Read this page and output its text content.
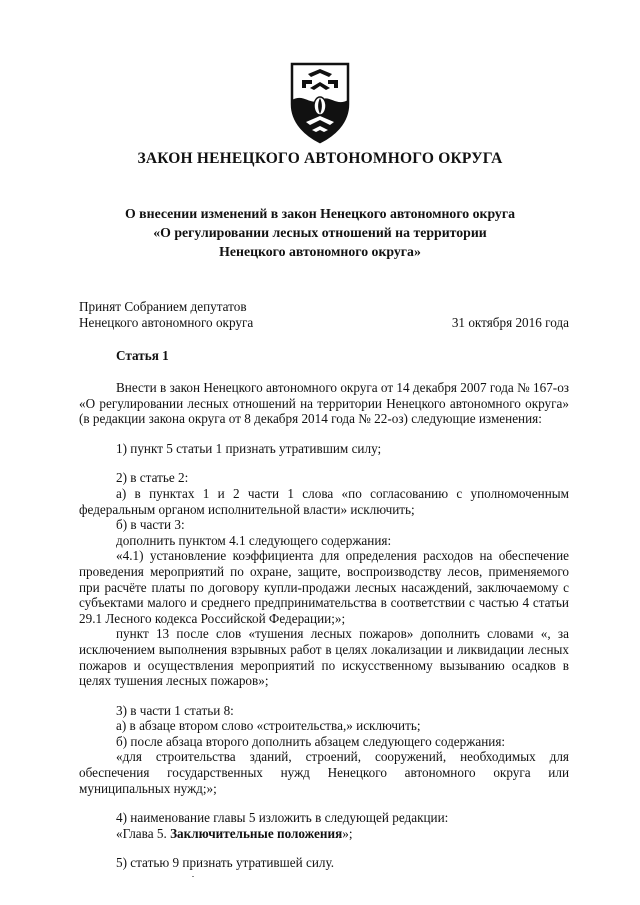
ЗАКОН НЕНЕЦКОГО АВТОНОМНОГО ОКРУГА
О внесении изменений в закон Ненецкого автономного округа
«О регулировании лесных отношений на территории
Ненецкого автономного округа»
Принят Собранием депутатов
Ненецкого автономного округа	31 октября 2016 года
Статья 1

Внести в закон Ненецкого автономного округа от 14 декабря 2007 года № 167-оз «О регулировании лесных отношений на территории Ненецкого автономного округа» (в редакции закона округа от 8 декабря 2014 года № 22-оз) следующие изменения:

1) пункт 5 статьи 1 признать утратившим силу;

2) в статье 2:

а) в пунктах 1 и 2 части 1 слова «по согласованию с уполномоченным федеральным органом исполнительной власти» исключить;

б) в части 3:

дополнить пунктом 4.1 следующего содержания:

«4.1) установление коэффициента для определения расходов на обеспечение проведения мероприятий по охране, защите, воспроизводству лесов, применяемого при расчёте платы по договору купли-продажи лесных насаждений, заключаемому с субъектами малого и среднего предпринимательства в соответствии с частью 4 статьи 29.1 Лесного кодекса Российской Федерации;»;

пункт 13 после слов «тушения лесных пожаров» дополнить словами «, за исключением выполнения взрывных работ в целях локализации и ликвидации лесных пожаров и осуществления мероприятий по искусственному вызыванию осадков в целях тушения лесных пожаров»;

3) в части 1 статьи 8:

а) в абзаце втором слово «строительства,» исключить;

б) после абзаца второго дополнить абзацем следующего содержания:

«для строительства зданий, строений, сооружений, необходимых для обеспечения государственных нужд Ненецкого автономного округа или муниципальных нужд;»;

4) наименование главы 5 изложить в следующей редакции:

«Глава 5. Заключительные положения»;

5) статью 9 признать утратившей силу.
